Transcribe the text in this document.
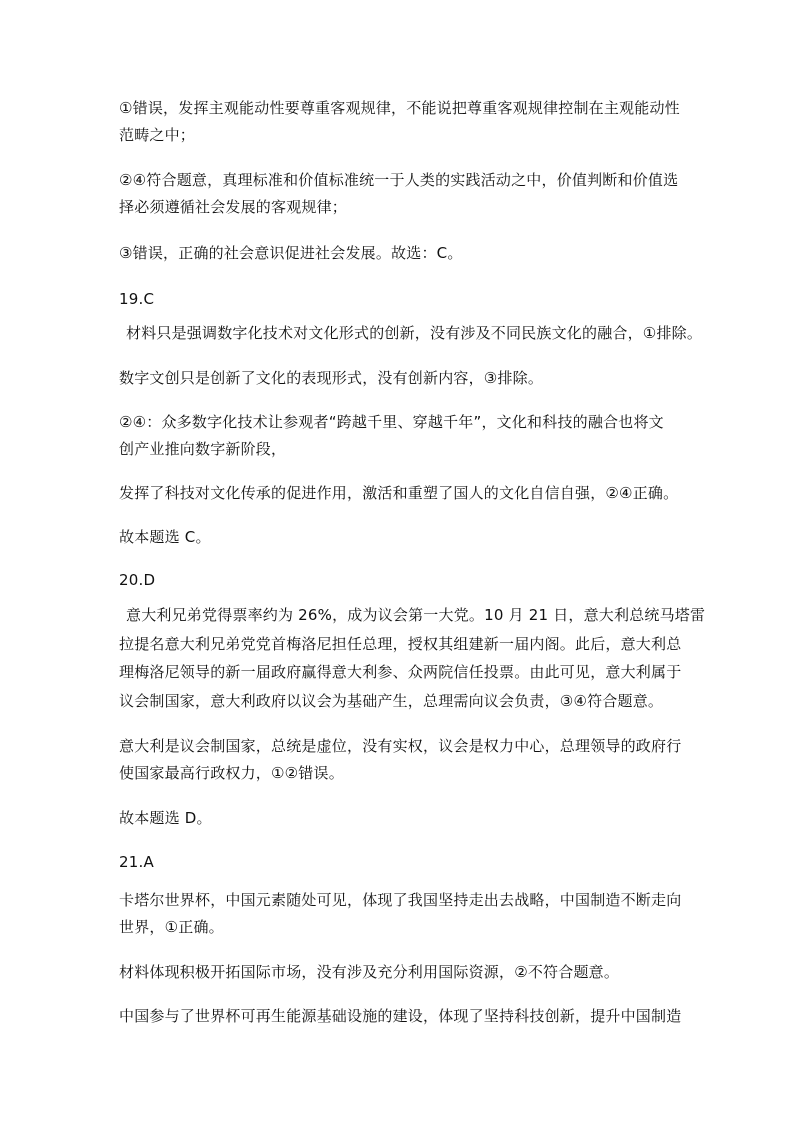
①错误，发挥主观能动性要尊重客观规律，不能说把尊重客观规律控制在主观能动性
范畴之中；
②④符合题意，真理标准和价值标准统一于人类的实践活动之中，价值判断和价值选
择必须遵循社会发展的客观规律；
③错误，正确的社会意识促进社会发展。故选：C。
19.C
材料只是强调数字化技术对文化形式的创新，没有涉及不同民族文化的融合，①排除。
数字文创只是创新了文化的表现形式，没有创新内容，③排除。
②④：众多数字化技术让参观者“跨越千里、穿越千年”，文化和科技的融合也将文
创产业推向数字新阶段，
发挥了科技对文化传承的促进作用，激活和重塑了国人的文化自信自强，②④正确。
故本题选 C。
20.D
意大利兄弟党得票率约为 26%，成为议会第一大党。10 月 21 日，意大利总统马塔雷
拉提名意大利兄弟党党首梅洛尼担任总理，授权其组建新一届内阁。此后，意大利总
理梅洛尼领导的新一届政府赢得意大利参、众两院信任投票。由此可见，意大利属于
议会制国家，意大利政府以议会为基础产生，总理需向议会负责，③④符合题意。
意大利是议会制国家，总统是虚位，没有实权，议会是权力中心，总理领导的政府行
使国家最高行政权力，①②错误。
故本题选 D。
21.A
卡塔尔世界杯，中国元素随处可见，体现了我国坚持走出去战略，中国制造不断走向
世界，①正确。
材料体现积极开拓国际市场，没有涉及充分利用国际资源，②不符合题意。
中国参与了世界杯可再生能源基础设施的建设，体现了坚持科技创新，提升中国制造
